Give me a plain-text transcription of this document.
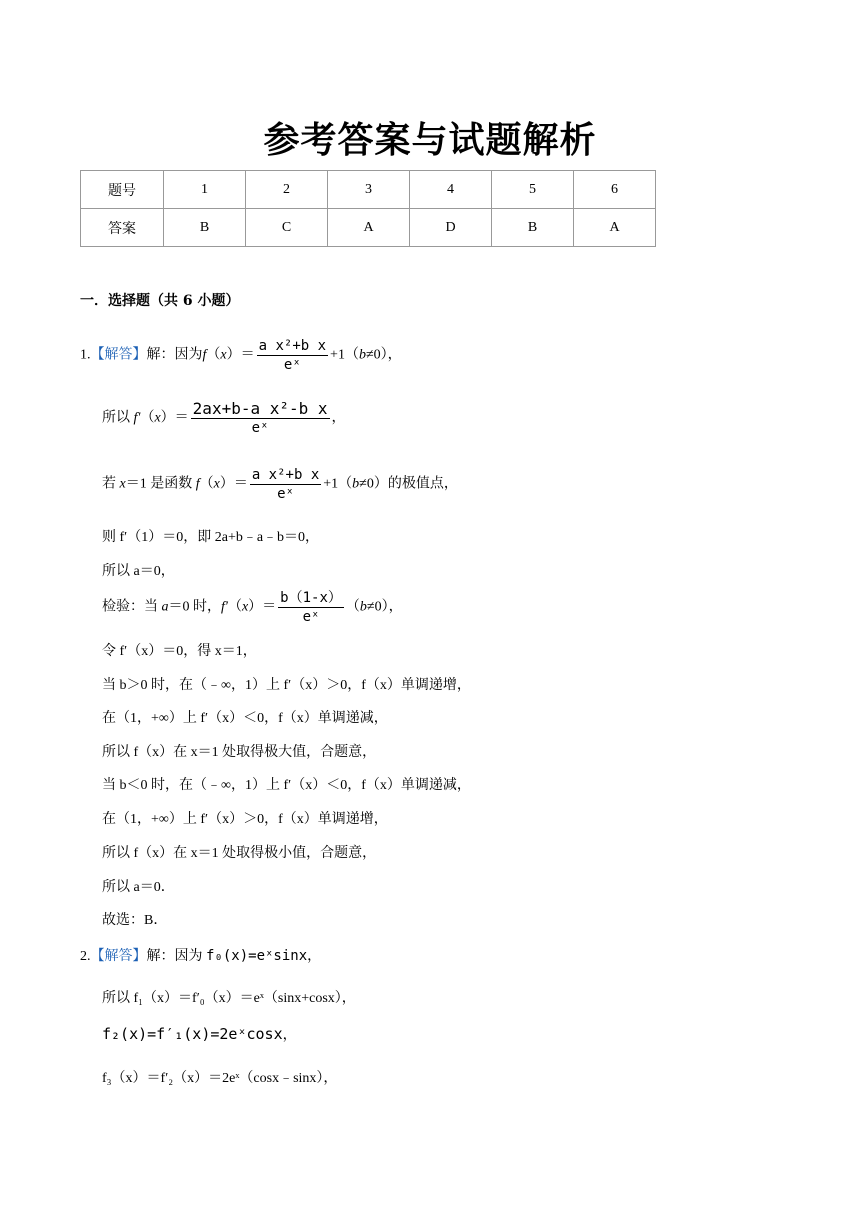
参考答案与试题解析
题号	1	2	3	4	5	6
答案	B	C	A	D	B	A
一．选择题（共 6 小题）
1.【解答】解：因为$f(x)= \frac{\text{a x²+b x}}{\text{eˣ}} +1(b\ne 0)$，
所以 $f'(x)= \frac{\text{2ax+b-a x²-b x}}{\text{eˣ}}$ ，
若 x＝1 是函数 $f(x)= \frac{\text{a x²+b x}}{\text{eˣ}} +1(b\ne 0)$的极值点，
则 f′（1）＝0，即 2a+b﹣a﹣b＝0，
所以 a＝0，
检验：当 a＝0 时，$f'(x)= \frac{b(1-x)}{\text{eˣ}} (b\ne 0)$，
令 f′（x）＝0，得 x＝1，
当 b＞0 时，在（﹣∞，1）上 f′（x）＞0，f（x）单调递增，
在（1，+∞）上 f′（x）＜0，f（x）单调递减，
所以 f（x）在 x＝1 处取得极大值，合题意，
当 b＜0 时，在（﹣∞，1）上 f′（x）＜0，f（x）单调递减，
在（1，+∞）上 f′（x）＞0，f（x）单调递增，
所以 f（x）在 x＝1 处取得极小值，合题意，
所以 a＝0．
故选：B．
2.【解答】解：因为 f₀(x)=eˣsinx，
所以 f₁（x）＝f′₀（x）＝eˣ（sinx+cosx），
f₂(x)=f′₁(x)=2eˣcosx，
f₃（x）＝f′₂（x）＝2eˣ（cosx﹣sinx），
